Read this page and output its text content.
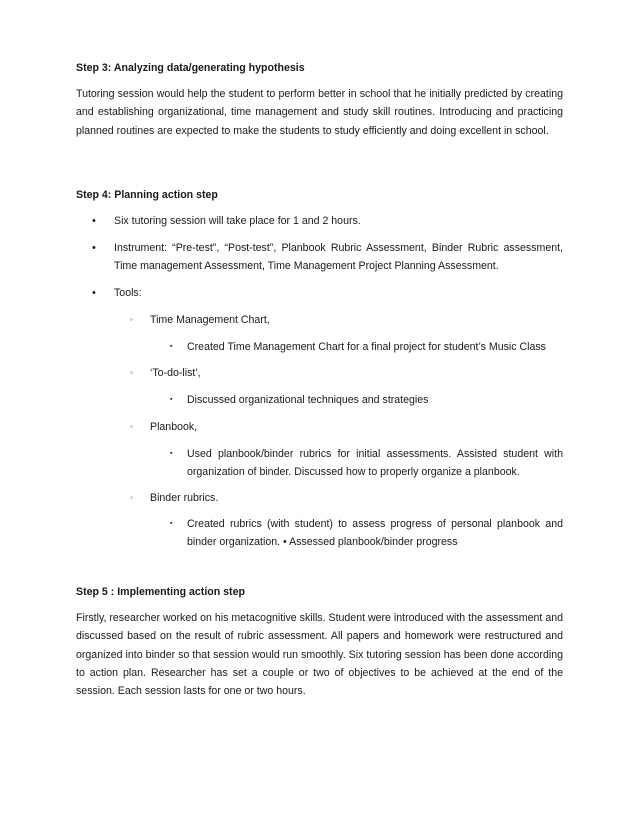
Step 3: Analyzing data/generating hypothesis
Tutoring session would help the student to perform better in school that he initially predicted by creating and establishing organizational, time management and study skill routines. Introducing and practicing planned routines are expected to make the students to study efficiently and doing excellent in school.
Step 4: Planning action step
• Six tutoring session will take place for 1 and 2 hours.
• Instrument: “Pre-test”, “Post-test”, Planbook Rubric Assessment, Binder Rubric assessment, Time management Assessment, Time Management Project Planning Assessment.
• Tools:
◦ Time Management Chart,
▪ Created Time Management Chart for a final project for student’s Music Class
◦ ‘To-do-list’,
▪ Discussed organizational techniques and strategies
◦ Planbook,
▪ Used planbook/binder rubrics for initial assessments. Assisted student with organization of binder. Discussed how to properly organize a planbook.
◦ Binder rubrics.
▪ Created rubrics (with student) to assess progress of personal planbook and binder organization. • Assessed planbook/binder progress
Step 5 : Implementing action step
Firstly, researcher worked on his metacognitive skills. Student were introduced with the assessment and discussed based on the result of rubric assessment. All papers and homework were restructured and organized into binder so that session would run smoothly. Six tutoring session has been done according to action plan. Researcher has set a couple or two of objectives to be achieved at the end of the session. Each session lasts for one or two hours.
